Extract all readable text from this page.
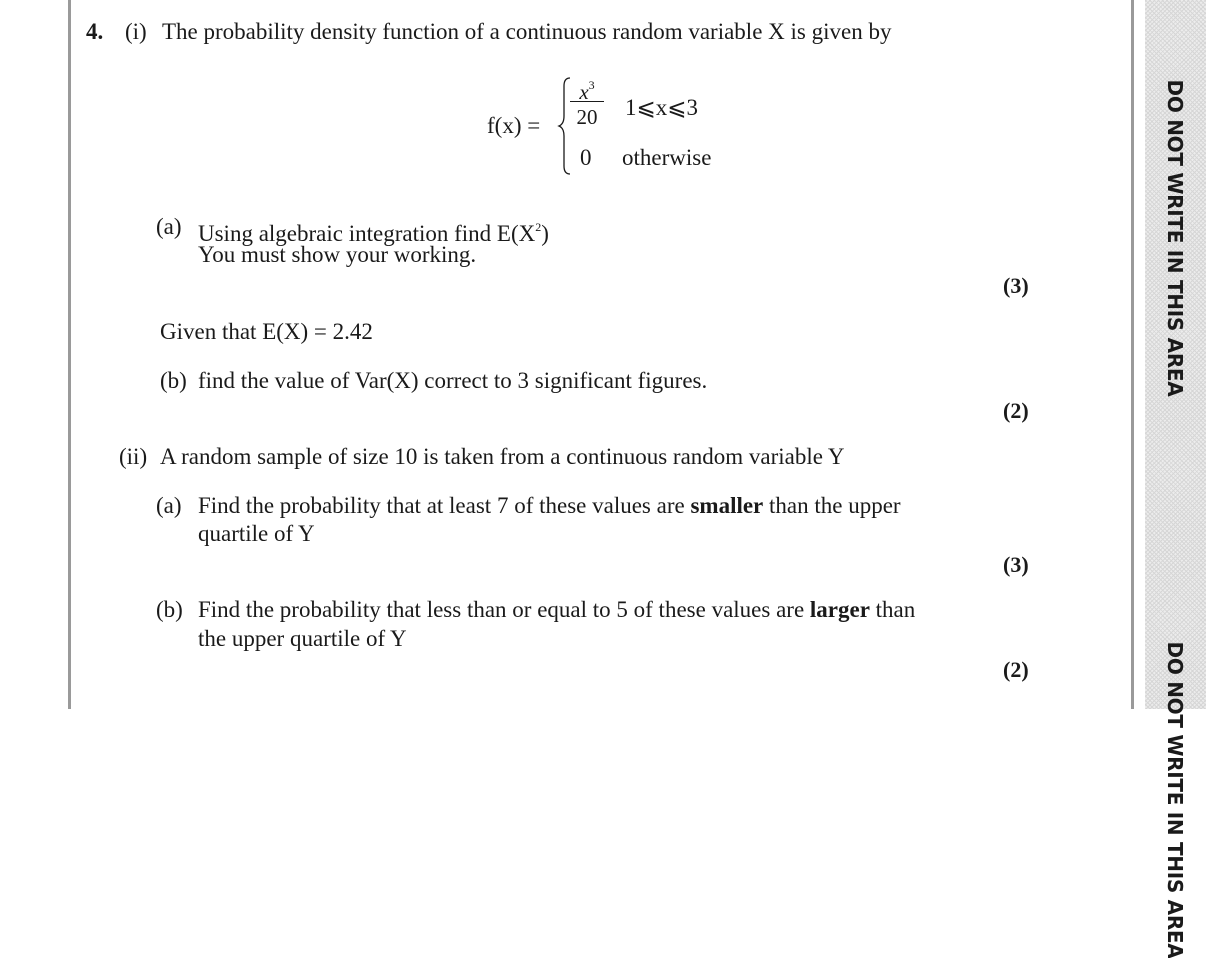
DO NOT WRITE IN THIS AREA
DO NOT WRITE IN THIS AREA
4. (i) The probability density function of a continuous random variable X is given by
f(x) =
$x^3$
20 1⩽x⩽3
0 otherwise
(a) Using algebraic integration find $E(X^2)$
You must show your working.
(3)
Given that E(X) = 2.42
(b) find the value of Var(X) correct to 3 significant figures.
(2)
(ii) A random sample of size 10 is taken from a continuous random variable Y
(a) Find the probability that at least 7 of these values are smaller than the upper
quartile of Y
(3)
(b) Find the probability that less than or equal to 5 of these values are larger than
the upper quartile of Y
(2)
